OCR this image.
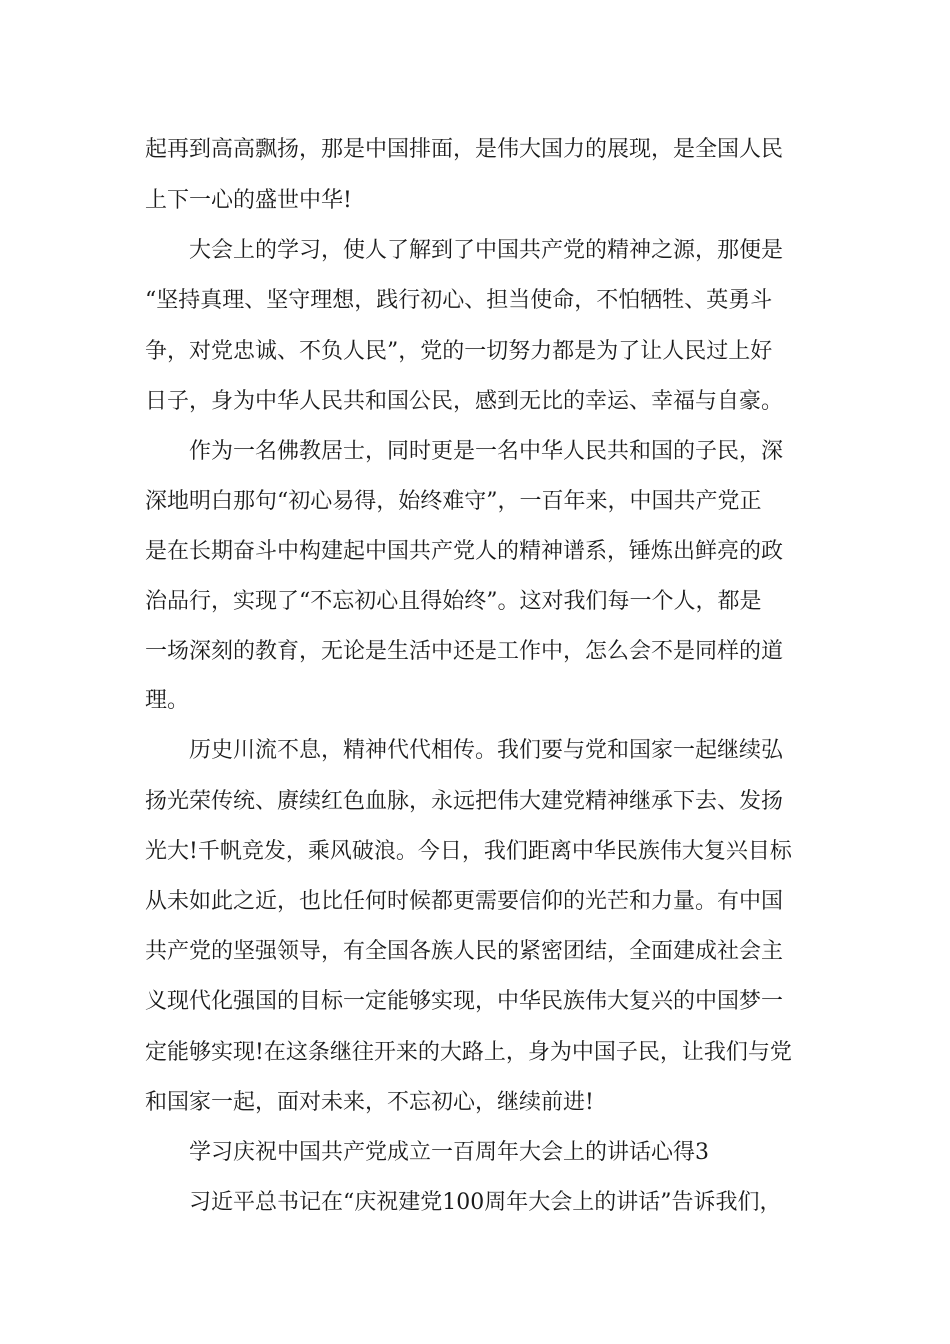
起再到高高飘扬，那是中国排面，是伟大国力的展现，是全国人民
上下一心的盛世中华!
大会上的学习，使人了解到了中国共产党的精神之源，那便是
“坚持真理、坚守理想，践行初心、担当使命，不怕牺牲、英勇斗
争，对党忠诚、不负人民”，党的一切努力都是为了让人民过上好
日子，身为中华人民共和国公民，感到无比的幸运、幸福与自豪。
作为一名佛教居士，同时更是一名中华人民共和国的子民，深
深地明白那句“初心易得，始终难守”，一百年来，中国共产党正
是在长期奋斗中构建起中国共产党人的精神谱系，锤炼出鲜亮的政
治品行，实现了“不忘初心且得始终”。这对我们每一个人，都是
一场深刻的教育，无论是生活中还是工作中，怎么会不是同样的道
理。
历史川流不息，精神代代相传。我们要与党和国家一起继续弘
扬光荣传统、赓续红色血脉，永远把伟大建党精神继承下去、发扬
光大!千帆竞发，乘风破浪。今日，我们距离中华民族伟大复兴目标
从未如此之近，也比任何时候都更需要信仰的光芒和力量。有中国
共产党的坚强领导，有全国各族人民的紧密团结，全面建成社会主
义现代化强国的目标一定能够实现，中华民族伟大复兴的中国梦一
定能够实现!在这条继往开来的大路上，身为中国子民，让我们与党
和国家一起，面对未来，不忘初心，继续前进!
学习庆祝中国共产党成立一百周年大会上的讲话心得3
习近平总书记在“庆祝建党100周年大会上的讲话”告诉我们，
